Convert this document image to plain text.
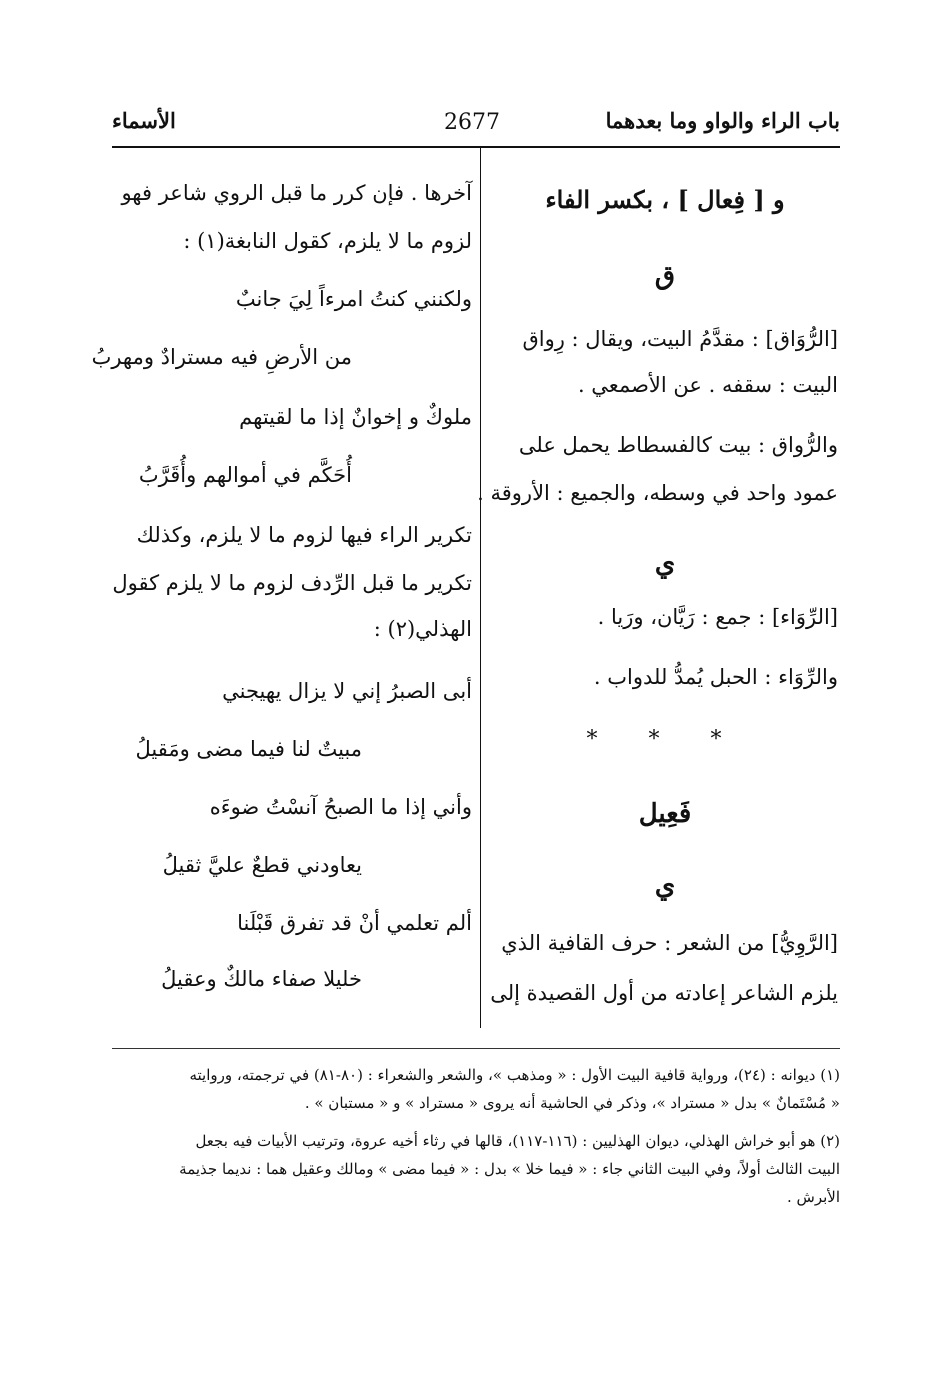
الأسماء	2677	باب الراء والواو وما بعدهما
و [ فِعال ] ، بكسر الفاء
ق
[الرُّوَاق] : مقدَّمُ البيت، ويقال : رِواق
البيت : سقفه . عن الأصمعي .
والرُّواق : بيت كالفسطاط يحمل على
عمود واحد في وسطه، والجميع : الأروقة .
ي
[الرِّوَاء] : جمع : رَيَّان، ورَيا .
والرِّوَاء : الحبل يُمدُّ للدواب .
* * *
فَعِيل
ي
[الرَّوِيُّ] من الشعر : حرف القافية الذي
يلزم الشاعر إعادته من أول القصيدة إلى
آخرها . فإن كرر ما قبل الروي شاعر فهو
لزوم ما لا يلزم، كقول النابغة(١) :
ولكنني كنتُ امرءاً لِيَ جانبٌ
من الأرضِ فيه مسترادٌ ومهربُ
ملوكٌ و إخوانٌ إذا ما لقيتهم
أُحَكَّم في أموالهم وأُقَرَّبُ
تكرير الراء فيها لزوم ما لا يلزم، وكذلك
تكرير ما قبل الرِّدف لزوم ما لا يلزم كقول
الهذلي(٢) :
أبى الصبرُ إني لا يزال يهيجني
مبيتٌ لنا فيما مضى ومَقيلُ
وأني إذا ما الصبحُ آنسْتُ ضوءَه
يعاودني قطعٌ عليَّ ثقيلُ
ألم تعلمي أنْ قد تفرق قَبْلَنا
خليلا صفاء مالكٌ وعقيلُ
(١) ديوانه : (٢٤)، ورواية قافية البيت الأول : « ومذهب »، والشعر والشعراء : (٨٠-٨١) في ترجمته، وروايته
« مُسْتَمانٌ » بدل « مستراد »، وذكر في الحاشية أنه يروى « مستراد » و « مستبان » .
(٢) هو أبو خراش الهذلي، ديوان الهذليين : (١١٦-١١٧)، قالها في رثاء أخيه عروة، وترتيب الأبيات فيه بجعل
البيت الثالث أولاً، وفي البيت الثاني جاء : « فيما خلا » بدل : « فيما مضى » ومالك وعقيل هما : نديما جذيمة
الأبرش .
